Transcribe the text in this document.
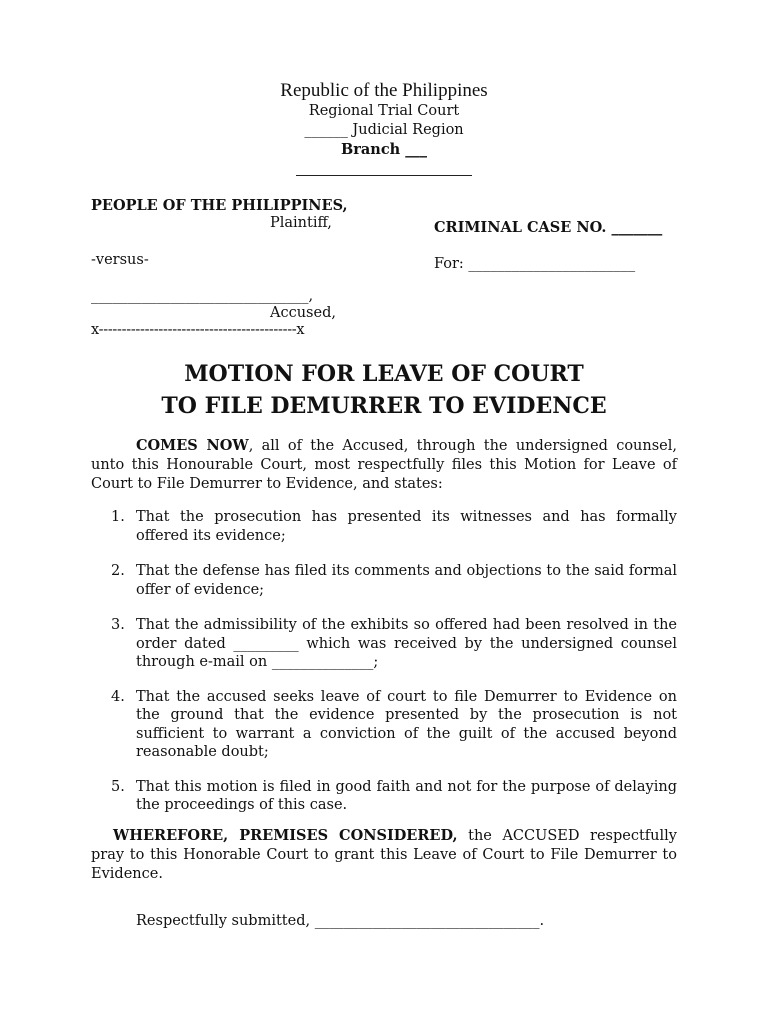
Republic of the Philippines
Regional Trial Court
______ Judicial Region
Branch ___
PEOPLE OF THE PHILIPPINES,
Plaintiff,	CRIMINAL CASE NO. _______
-versus-	For: _______________________
______________________________,
Accused,
x-------------------------------------------x
MOTION FOR LEAVE OF COURT
TO FILE DEMURRER TO EVIDENCE

COMES NOW, all of the Accused, through the undersigned counsel, unto this Honourable Court, most respectfully files this Motion for Leave of Court to File Demurrer to Evidence, and states:

1. That the prosecution has presented its witnesses and has formally offered its evidence;
2. That the defense has filed its comments and objections to the said formal offer of evidence;
3. That the admissibility of the exhibits so offered had been resolved in the order dated _________ which was received by the undersigned counsel through e-mail on ______________;
4. That the accused seeks leave of court to file Demurrer to Evidence on the ground that the evidence presented by the prosecution is not sufficient to warrant a conviction of the guilt of the accused beyond reasonable doubt;
5. That this motion is filed in good faith and not for the purpose of delaying the proceedings of this case.

WHEREFORE, PREMISES CONSIDERED, the ACCUSED respectfully pray to this Honorable Court to grant this Leave of Court to File Demurrer to Evidence.

Respectfully submitted, _______________________________.
